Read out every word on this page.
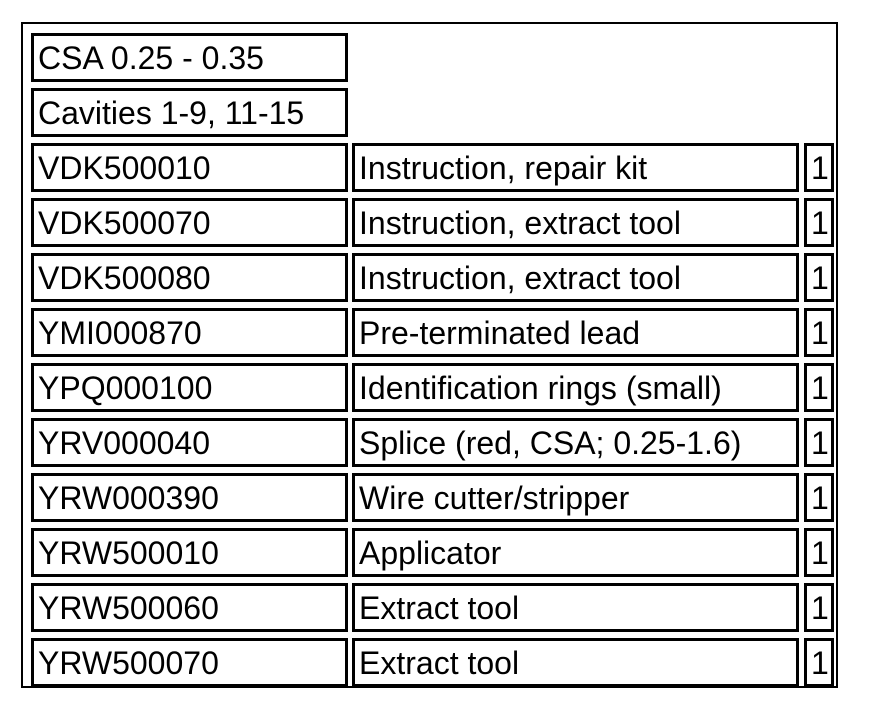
CSA 0.25 - 0.35
Cavities 1-9, 11-15
VDK500010	Instruction, repair kit	1
VDK500070	Instruction, extract tool	1
VDK500080	Instruction, extract tool	1
YMI000870	Pre-terminated lead	1
YPQ000100	Identification rings (small)	1
YRV000040	Splice (red, CSA; 0.25-1.6) 1
YRW000390	Wire cutter/stripper	1
YRW500010	Applicator	1
YRW500060	Extract tool	1
YRW500070	Extract tool	1
